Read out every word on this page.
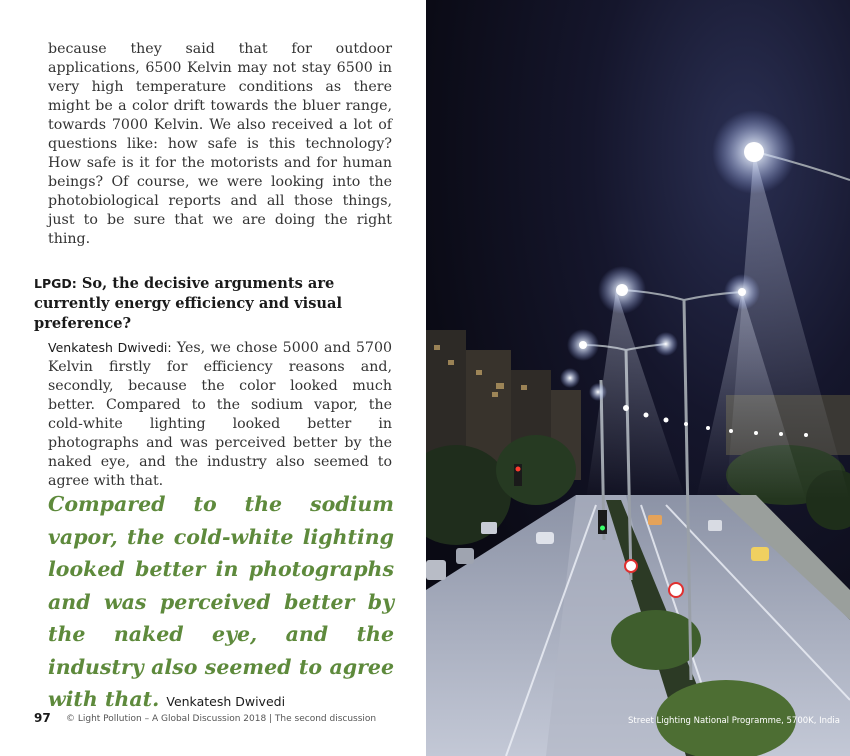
because they said that for outdoor applications, 6500 Kelvin may not stay 6500 in very high temperature conditions as there might be a color drift towards the bluer range, towards 7000 Kelvin. We also received a lot of questions like: how safe is this technology? How safe is it for the motorists and for human beings? Of course, we were looking into the photobiological reports and all those things, just to be sure that we are doing the right thing.

LPGD: So, the decisive arguments are currently energy efficiency and visual preference?

Venkatesh Dwivedi: Yes, we chose 5000 and 5700 Kelvin firstly for efficiency reasons and, secondly, because the color looked much better. Compared to the sodium vapor, the cold-white lighting looked better in photographs and was perceived better by the naked eye, and the industry also seemed to agree with that.

Compared to the sodium vapor, the cold-white lighting looked better in photographs and was perceived better by the naked eye, and the industry also seemed to agree with that. Venkatesh Dwivedi

97 © Light Pollution – A Global Discussion 2018 | The second discussion	Street Lighting National Programme, 5700K, India
